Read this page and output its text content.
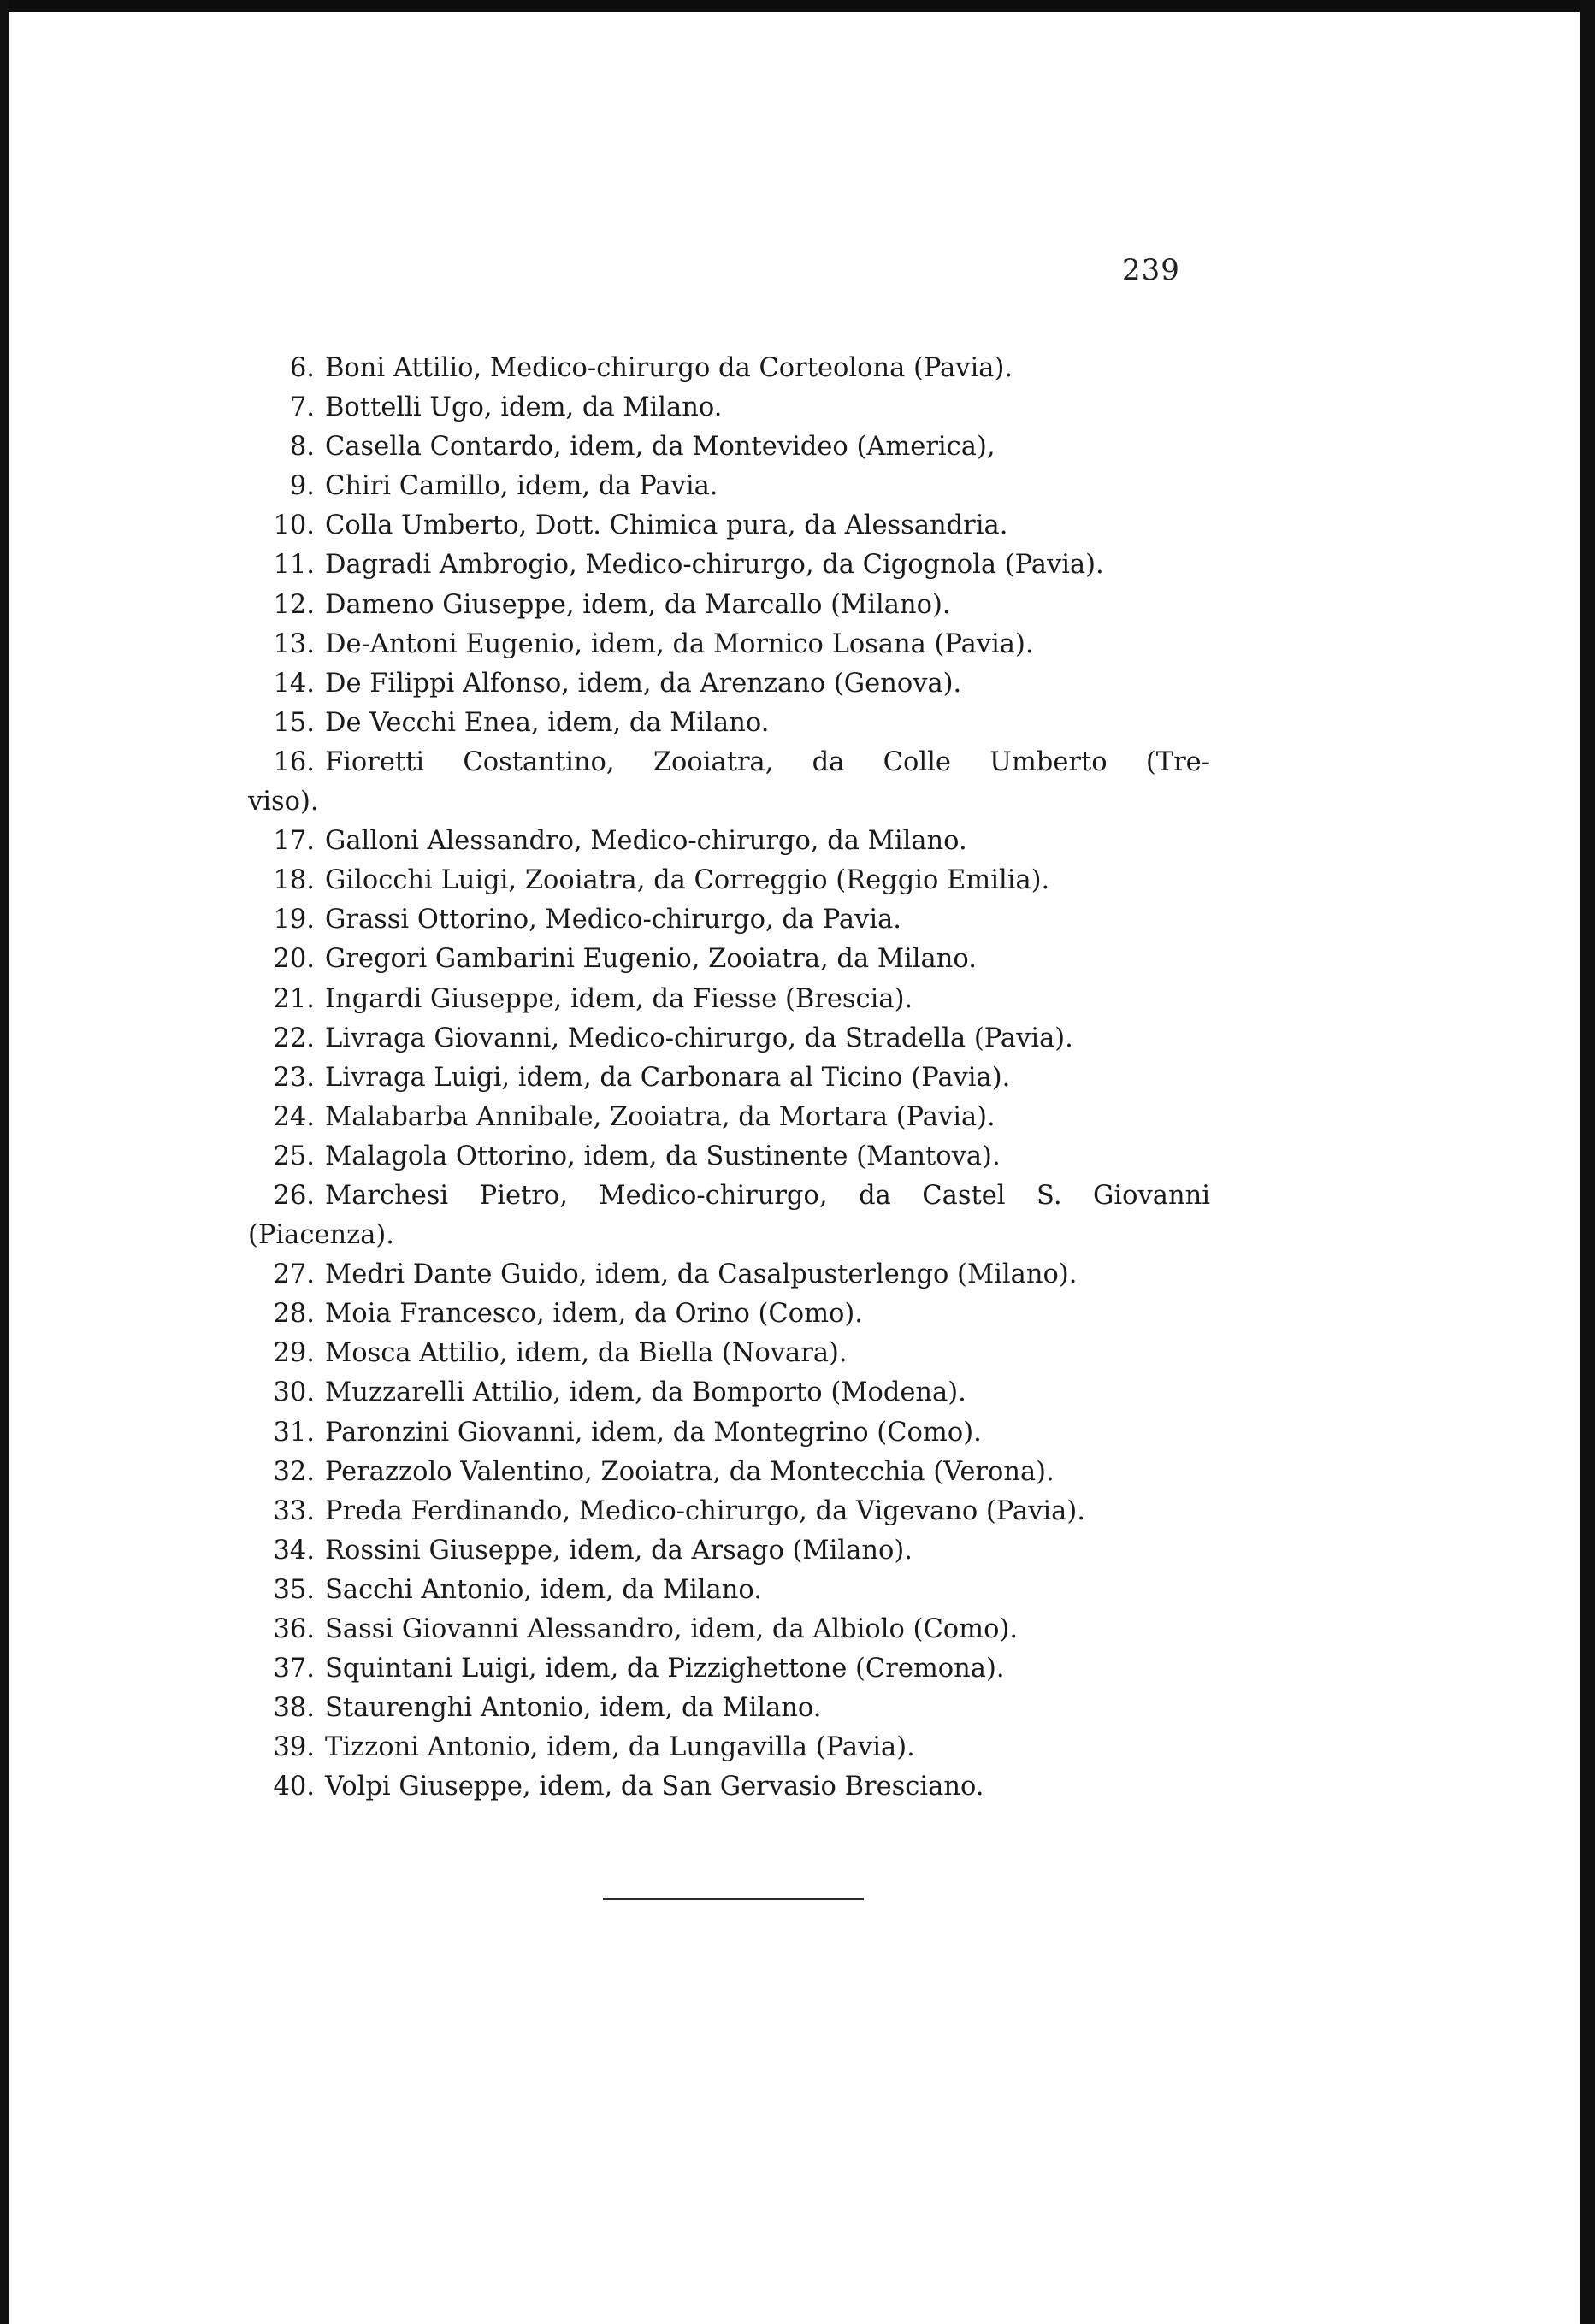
239
6. Boni Attilio, Medico-chirurgo da Corteolona (Pavia).
7. Bottelli Ugo, idem, da Milano.
8. Casella Contardo, idem, da Montevideo (America),
9. Chiri Camillo, idem, da Pavia.
10. Colla Umberto, Dott. Chimica pura, da Alessandria.
11. Dagradi Ambrogio, Medico-chirurgo, da Cigognola (Pavia).
12. Dameno Giuseppe, idem, da Marcallo (Milano).
13. De-Antoni Eugenio, idem, da Mornico Losana (Pavia).
14. De Filippi Alfonso, idem, da Arenzano (Genova).
15. De Vecchi Enea, idem, da Milano.
16. Fioretti Costantino, Zooiatra, da Colle Umberto (Tre-
viso).
17. Galloni Alessandro, Medico-chirurgo, da Milano.
18. Gilocchi Luigi, Zooiatra, da Correggio (Reggio Emilia).
19. Grassi Ottorino, Medico-chirurgo, da Pavia.
20. Gregori Gambarini Eugenio, Zooiatra, da Milano.
21. Ingardi Giuseppe, idem, da Fiesse (Brescia).
22. Livraga Giovanni, Medico-chirurgo, da Stradella (Pavia).
23. Livraga Luigi, idem, da Carbonara al Ticino (Pavia).
24. Malabarba Annibale, Zooiatra, da Mortara (Pavia).
25. Malagola Ottorino, idem, da Sustinente (Mantova).
26. Marchesi Pietro, Medico-chirurgo, da Castel S. Giovanni
(Piacenza).
27. Medri Dante Guido, idem, da Casalpusterlengo (Milano).
28. Moia Francesco, idem, da Orino (Como).
29. Mosca Attilio, idem, da Biella (Novara).
30. Muzzarelli Attilio, idem, da Bomporto (Modena).
31. Paronzini Giovanni, idem, da Montegrino (Como).
32. Perazzolo Valentino, Zooiatra, da Montecchia (Verona).
33. Preda Ferdinando, Medico-chirurgo, da Vigevano (Pavia).
34. Rossini Giuseppe, idem, da Arsago (Milano).
35. Sacchi Antonio, idem, da Milano.
36. Sassi Giovanni Alessandro, idem, da Albiolo (Como).
37. Squintani Luigi, idem, da Pizzighettone (Cremona).
38. Staurenghi Antonio, idem, da Milano.
39. Tizzoni Antonio, idem, da Lungavilla (Pavia).
40. Volpi Giuseppe, idem, da San Gervasio Bresciano.
